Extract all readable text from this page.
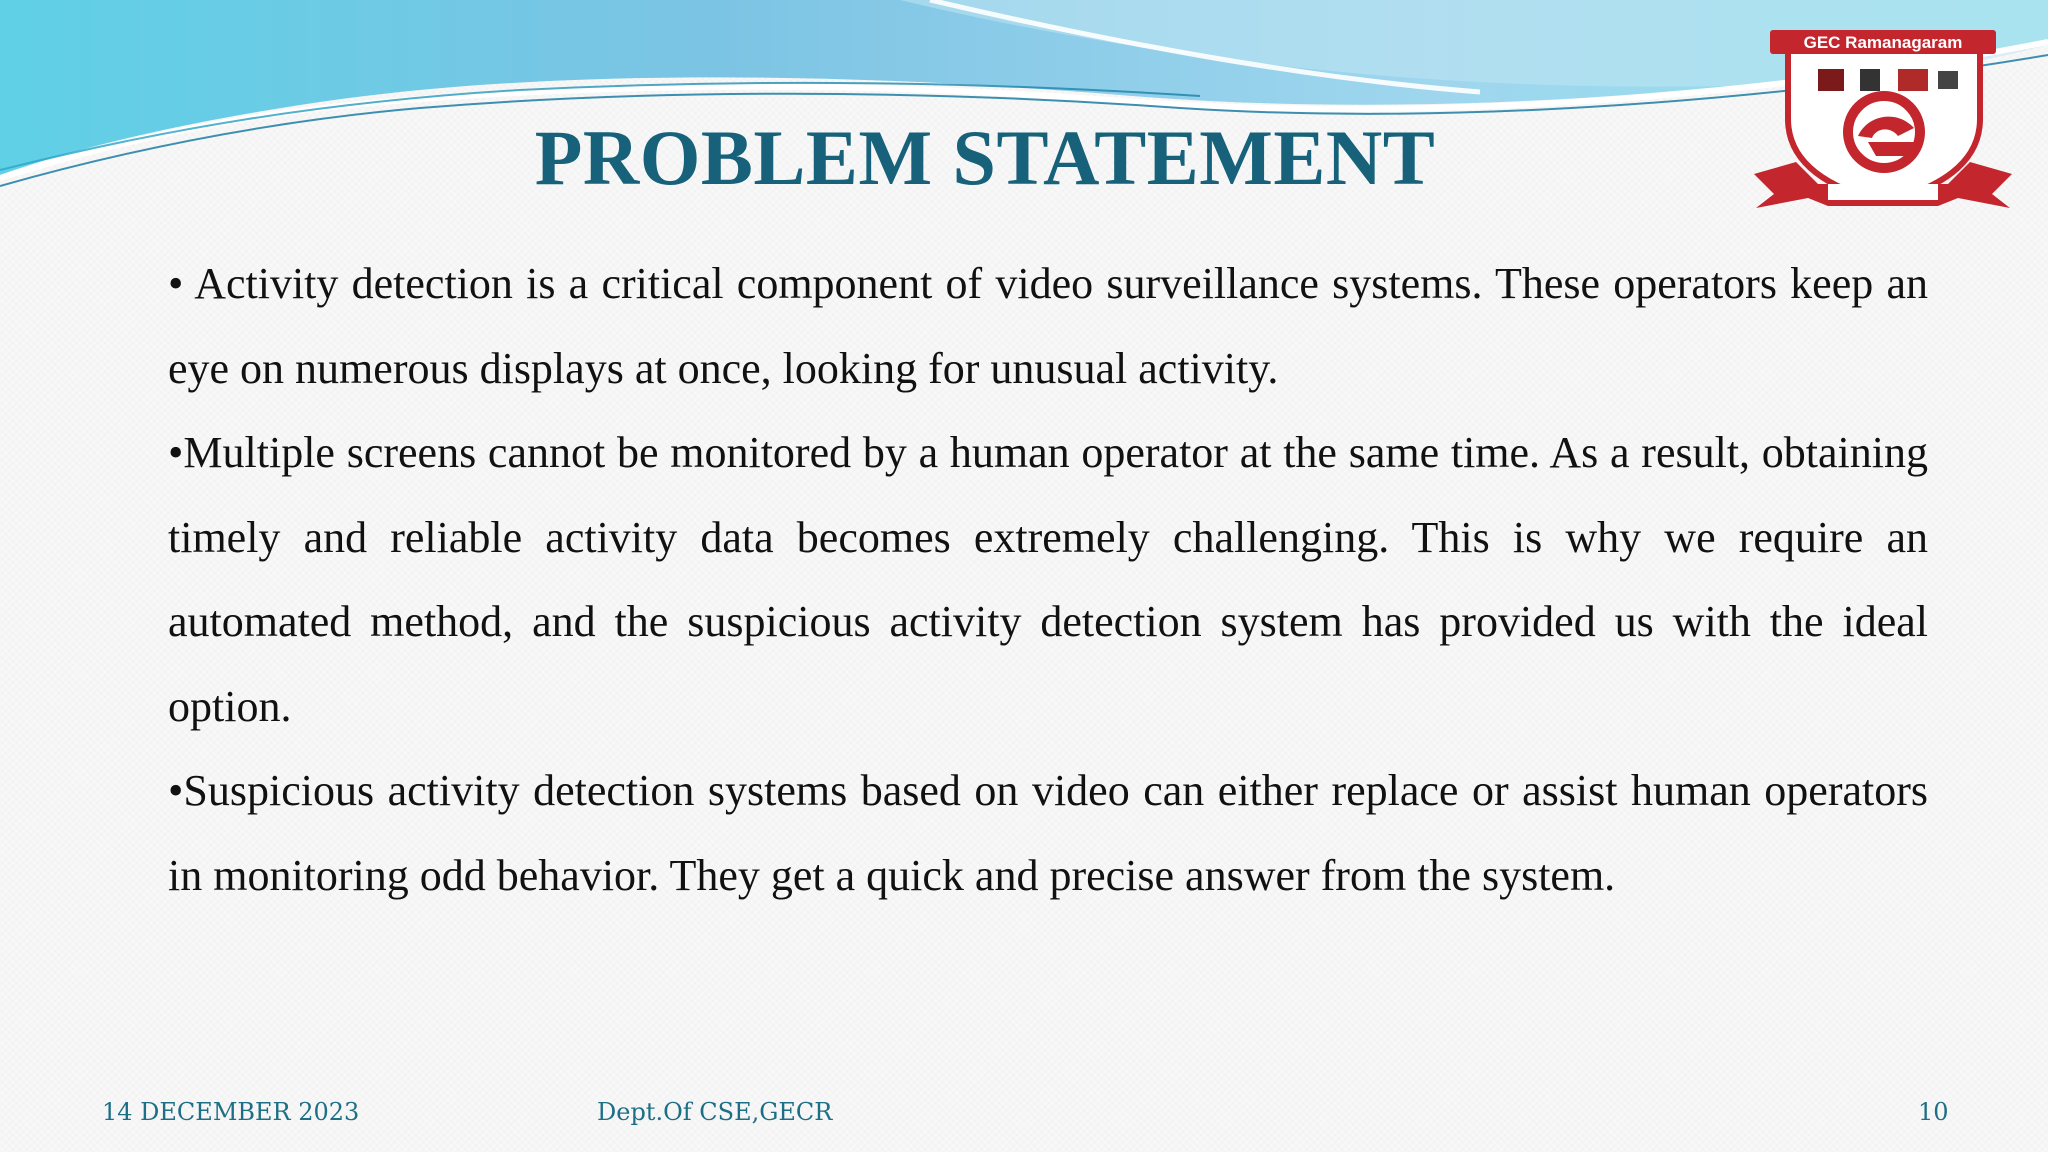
PROBLEM STATEMENT
GEC Ramanagaram

• Activity detection is a critical component of video surveillance systems. These operators keep an eye on numerous displays at once, looking for unusual activity.

•Multiple screens cannot be monitored by a human operator at the same time. As a result, obtaining timely and reliable activity data becomes extremely challenging. This is why we require an automated method, and the suspicious activity detection system has provided us with the ideal option.

•Suspicious activity detection systems based on video can either replace or assist human operators in monitoring odd behavior. They get a quick and precise answer from the system.

14 DECEMBER 2023	Dept.Of CSE,GECR	10
